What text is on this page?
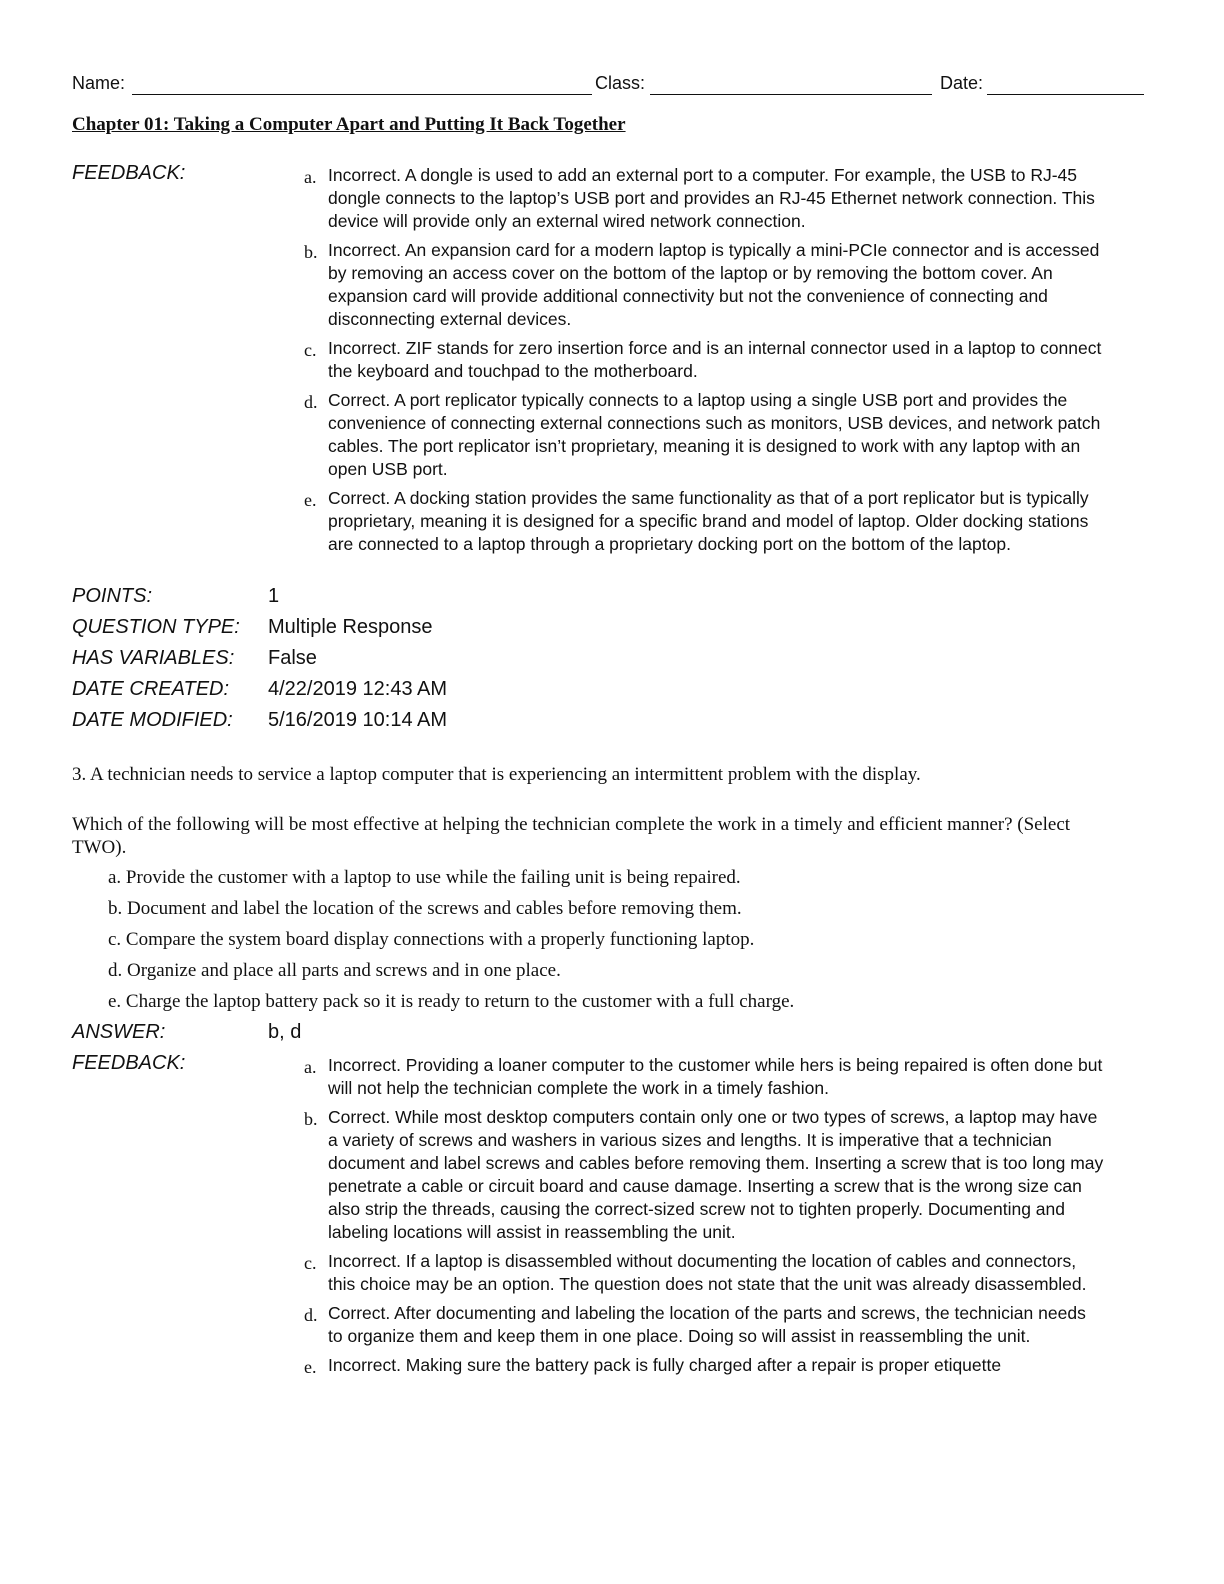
Name:	Class:	Date:
Chapter 01: Taking a Computer Apart and Putting It Back Together
FEEDBACK:	a. Incorrect. A dongle is used to add an external port to a computer. For example, the USB to RJ-45 dongle connects to the laptop’s USB port and provides an RJ-45 Ethernet network connection. This device will provide only an external wired network connection.
b. Incorrect. An expansion card for a modern laptop is typically a mini-PCIe connector and is accessed by removing an access cover on the bottom of the laptop or by removing the bottom cover. An expansion card will provide additional connectivity but not the convenience of connecting and disconnecting external devices.
c. Incorrect. ZIF stands for zero insertion force and is an internal connector used in a laptop to connect the keyboard and touchpad to the motherboard.
d. Correct. A port replicator typically connects to a laptop using a single USB port and provides the convenience of connecting external connections such as monitors, USB devices, and network patch cables. The port replicator isn’t proprietary, meaning it is designed to work with any laptop with an open USB port.
e. Correct. A docking station provides the same functionality as that of a port replicator but is typically proprietary, meaning it is designed for a specific brand and model of laptop. Older docking stations are connected to a laptop through a proprietary docking port on the bottom of the laptop.
POINTS:	1
QUESTION TYPE: Multiple Response
HAS VARIABLES: False
DATE CREATED: 4/22/2019 12:43 AM
DATE MODIFIED: 5/16/2019 10:14 AM
3. A technician needs to service a laptop computer that is experiencing an intermittent problem with the display.
Which of the following will be most effective at helping the technician complete the work in a timely and efficient manner? (Select TWO).
a. Provide the customer with a laptop to use while the failing unit is being repaired.
b. Document and label the location of the screws and cables before removing them.
c. Compare the system board display connections with a properly functioning laptop.
d. Organize and place all parts and screws and in one place.
e. Charge the laptop battery pack so it is ready to return to the customer with a full charge.
ANSWER:	b, d
FEEDBACK:	a. Incorrect. Providing a loaner computer to the customer while hers is being repaired is often done but will not help the technician complete the work in a timely fashion.
b. Correct. While most desktop computers contain only one or two types of screws, a laptop may have a variety of screws and washers in various sizes and lengths. It is imperative that a technician document and label screws and cables before removing them. Inserting a screw that is too long may penetrate a cable or circuit board and cause damage. Inserting a screw that is the wrong size can also strip the threads, causing the correct-sized screw not to tighten properly. Documenting and labeling locations will assist in reassembling the unit.
c. Incorrect. If a laptop is disassembled without documenting the location of cables and connectors, this choice may be an option. The question does not state that the unit was already disassembled.
d. Correct. After documenting and labeling the location of the parts and screws, the technician needs to organize them and keep them in one place. Doing so will assist in reassembling the unit.
e. Incorrect. Making sure the battery pack is fully charged after a repair is proper etiquette
